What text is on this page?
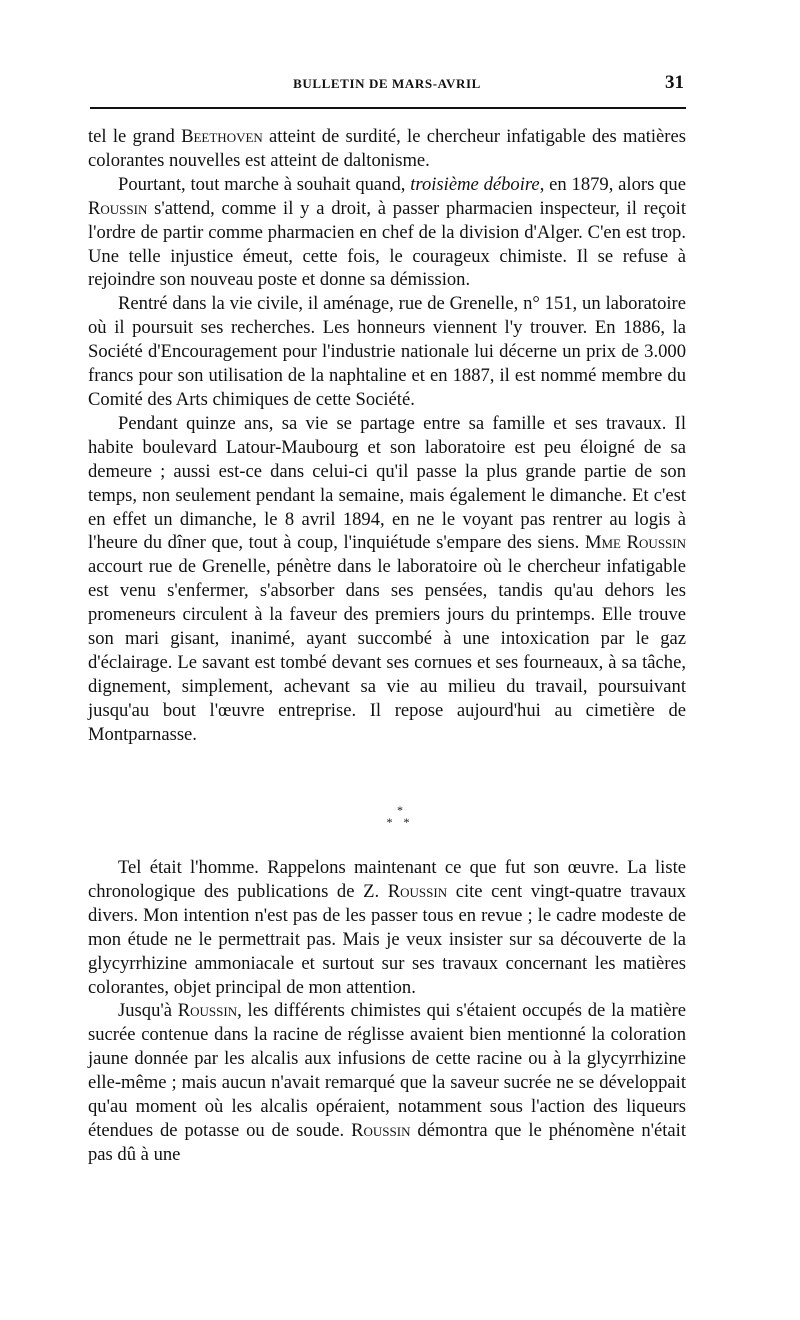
BULLETIN DE MARS-AVRIL	31

tel le grand Beethoven atteint de surdité, le chercheur infatigable des matières colorantes nouvelles est atteint de daltonisme.

Pourtant, tout marche à souhait quand, troisième déboire, en 1879, alors que Roussin s'attend, comme il y a droit, à passer pharmacien inspecteur, il reçoit l'ordre de partir comme pharmacien en chef de la division d'Alger. C'en est trop. Une telle injustice émeut, cette fois, le courageux chimiste. Il se refuse à rejoindre son nouveau poste et donne sa démission.

Rentré dans la vie civile, il aménage, rue de Grenelle, n° 151, un laboratoire où il poursuit ses recherches. Les honneurs viennent l'y trouver. En 1886, la Société d'Encouragement pour l'industrie nationale lui décerne un prix de 3.000 francs pour son utilisation de la naphtaline et en 1887, il est nommé membre du Comité des Arts chimiques de cette Société.

Pendant quinze ans, sa vie se partage entre sa famille et ses travaux. Il habite boulevard Latour-Maubourg et son laboratoire est peu éloigné de sa demeure ; aussi est-ce dans celui-ci qu'il passe la plus grande partie de son temps, non seulement pendant la semaine, mais également le dimanche. Et c'est en effet un dimanche, le 8 avril 1894, en ne le voyant pas rentrer au logis à l'heure du dîner que, tout à coup, l'inquiétude s'empare des siens. Mme Roussin accourt rue de Grenelle, pénètre dans le laboratoire où le chercheur infatigable est venu s'enfermer, s'absorber dans ses pensées, tandis qu'au dehors les promeneurs circulent à la faveur des premiers jours du printemps. Elle trouve son mari gisant, inanimé, ayant succombé à une intoxication par le gaz d'éclairage. Le savant est tombé devant ses cornues et ses fourneaux, à sa tâche, dignement, simplement, achevant sa vie au milieu du travail, poursuivant jusqu'au bout l'œuvre entreprise. Il repose aujourd'hui au cimetière de Montparnasse.

*
* *

Tel était l'homme. Rappelons maintenant ce que fut son œuvre. La liste chronologique des publications de Z. Roussin cite cent vingt-quatre travaux divers. Mon intention n'est pas de les passer tous en revue ; le cadre modeste de mon étude ne le permettrait pas. Mais je veux insister sur sa découverte de la glycyrrhizine ammoniacale et surtout sur ses travaux concernant les matières colorantes, objet principal de mon attention.

Jusqu'à Roussin, les différents chimistes qui s'étaient occupés de la matière sucrée contenue dans la racine de réglisse avaient bien mentionné la coloration jaune donnée par les alcalis aux infusions de cette racine ou à la glycyrrhizine elle-même ; mais aucun n'avait remarqué que la saveur sucrée ne se développait qu'au moment où les alcalis opéraient, notamment sous l'action des liqueurs étendues de potasse ou de soude. Roussin démontra que le phénomène n'était pas dû à une
